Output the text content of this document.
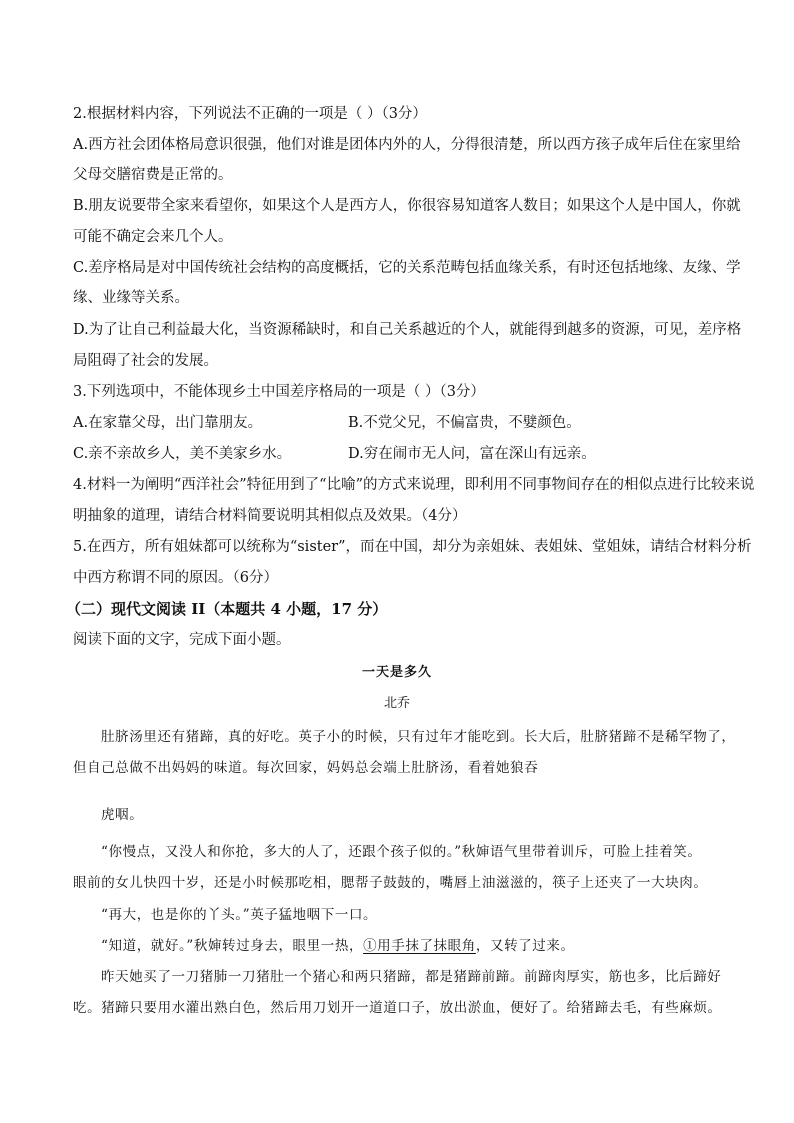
2.根据材料内容，下列说法不正确的一项是（ ）（3分）
A.西方社会团体格局意识很强，他们对谁是团体内外的人，分得很清楚，所以西方孩子成年后住在家里给
父母交膳宿费是正常的。
B.朋友说要带全家来看望你，如果这个人是西方人，你很容易知道客人数目；如果这个人是中国人，你就
可能不确定会来几个人。
C.差序格局是对中国传统社会结构的高度概括，它的关系范畴包括血缘关系，有时还包括地缘、友缘、学
缘、业缘等关系。
D.为了让自己利益最大化，当资源稀缺时，和自己关系越近的个人，就能得到越多的资源，可见，差序格
局阻碍了社会的发展。
3.下列选项中，不能体现乡土中国差序格局的一项是（ ）（3分）
A.在家靠父母，出门靠朋友。	B.不党父兄，不偏富贵，不嬖颜色。
C.亲不亲故乡人，美不美家乡水。	D.穷在闹市无人问，富在深山有远亲。
4.材料一为阐明“西洋社会”特征用到了“比喻”的方式来说理，即利用不同事物间存在的相似点进行比较来说
明抽象的道理，请结合材料简要说明其相似点及效果。（4分）
5.在西方，所有姐妹都可以统称为“sister”，而在中国，却分为亲姐妹、表姐妹、堂姐妹，请结合材料分析
中西方称谓不同的原因。（6分）
（二）现代文阅读 II（本题共 4 小题，17 分）
阅读下面的文字，完成下面小题。
一天是多久
北乔
肚脐汤里还有猪蹄，真的好吃。英子小的时候，只有过年才能吃到。长大后，肚脐猪蹄不是稀罕物了，
但自己总做不出妈妈的味道。每次回家，妈妈总会端上肚脐汤，看着她狼吞
虎咽。
“你慢点，又没人和你抢，多大的人了，还跟个孩子似的。”秋婶语气里带着训斥，可脸上挂着笑。
眼前的女儿快四十岁，还是小时候那吃相，腮帮子鼓鼓的，嘴唇上油滋滋的，筷子上还夹了一大块肉。
“再大，也是你的丫头。”英子猛地咽下一口。
“知道，就好。”秋婶转过身去，眼里一热，①用手抹了抹眼角，又转了过来。
昨天她买了一刀猪肺一刀猪肚一个猪心和两只猪蹄，都是猪蹄前蹄。前蹄肉厚实，筋也多，比后蹄好
吃。猪蹄只要用水灌出熟白色，然后用刀划开一道道口子，放出淤血，便好了。给猪蹄去毛，有些麻烦。
